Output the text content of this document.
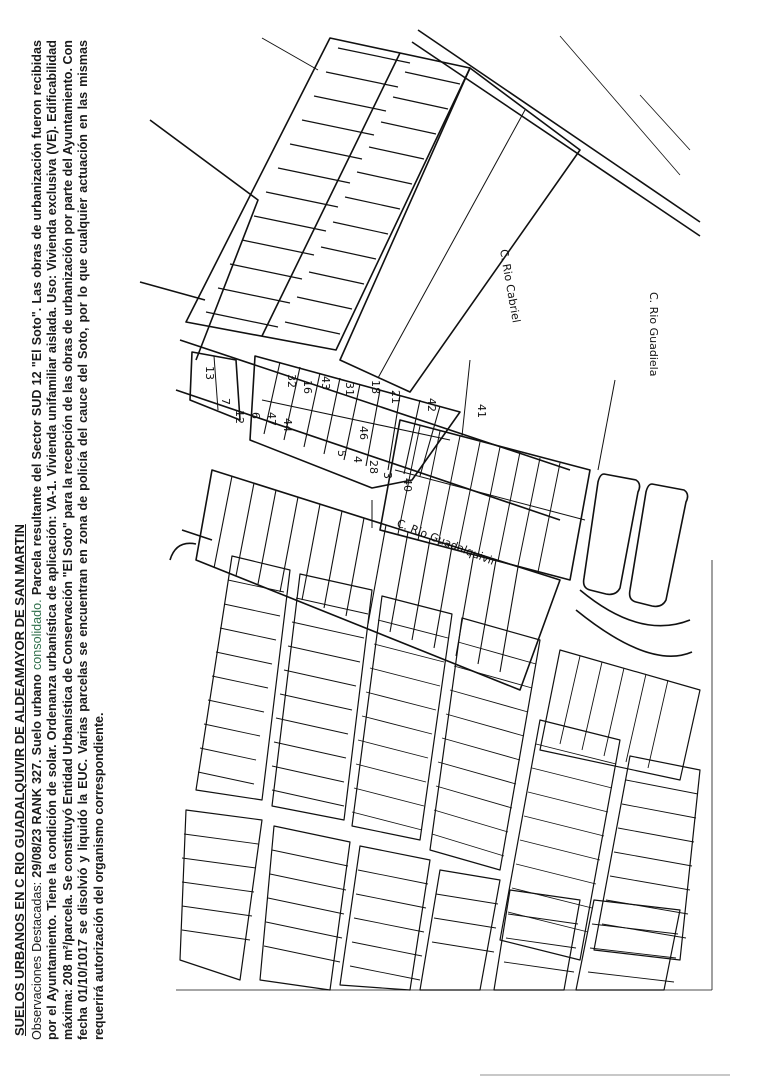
C. Rio Guadiela
C. Rio Cabriel
C. Rio Guadalquivir
13
7
12 6 47 44
32 16 43 31 18
21
42	41
46
5
4
28
3
40
SUELOS URBANOS EN C RIO GUADALQUIVIR DE ALDEAMAYOR DE SAN MARTIN Observaciones Destacadas: 29/08/23 RANK 327. Suelo urbano consolidado. Parcela resultante del Sector SUD 12 "El Soto". Las obras de urbanización fueron recibidas por el Ayuntamiento. Tiene la condición de solar. Ordenanza urbanística de aplicación: VA-1. Vivienda unifamiliar aislada. Uso: Vivienda exclusiva (VE). Edificabilidad máxima: 208 m²/parcela. Se constituyó Entidad Urbanística de Conservación "El Soto" para la recepción de las obras de urbanización por parte del Ayuntamiento. Con fecha 01/10/1017 se disolvió y liquidó la EUC. Varias parcelas se encuentran en zona de policía del cauce del Soto, por lo que cualquier actuación en las mismas requerirá autorización del organismo correspondiente.
